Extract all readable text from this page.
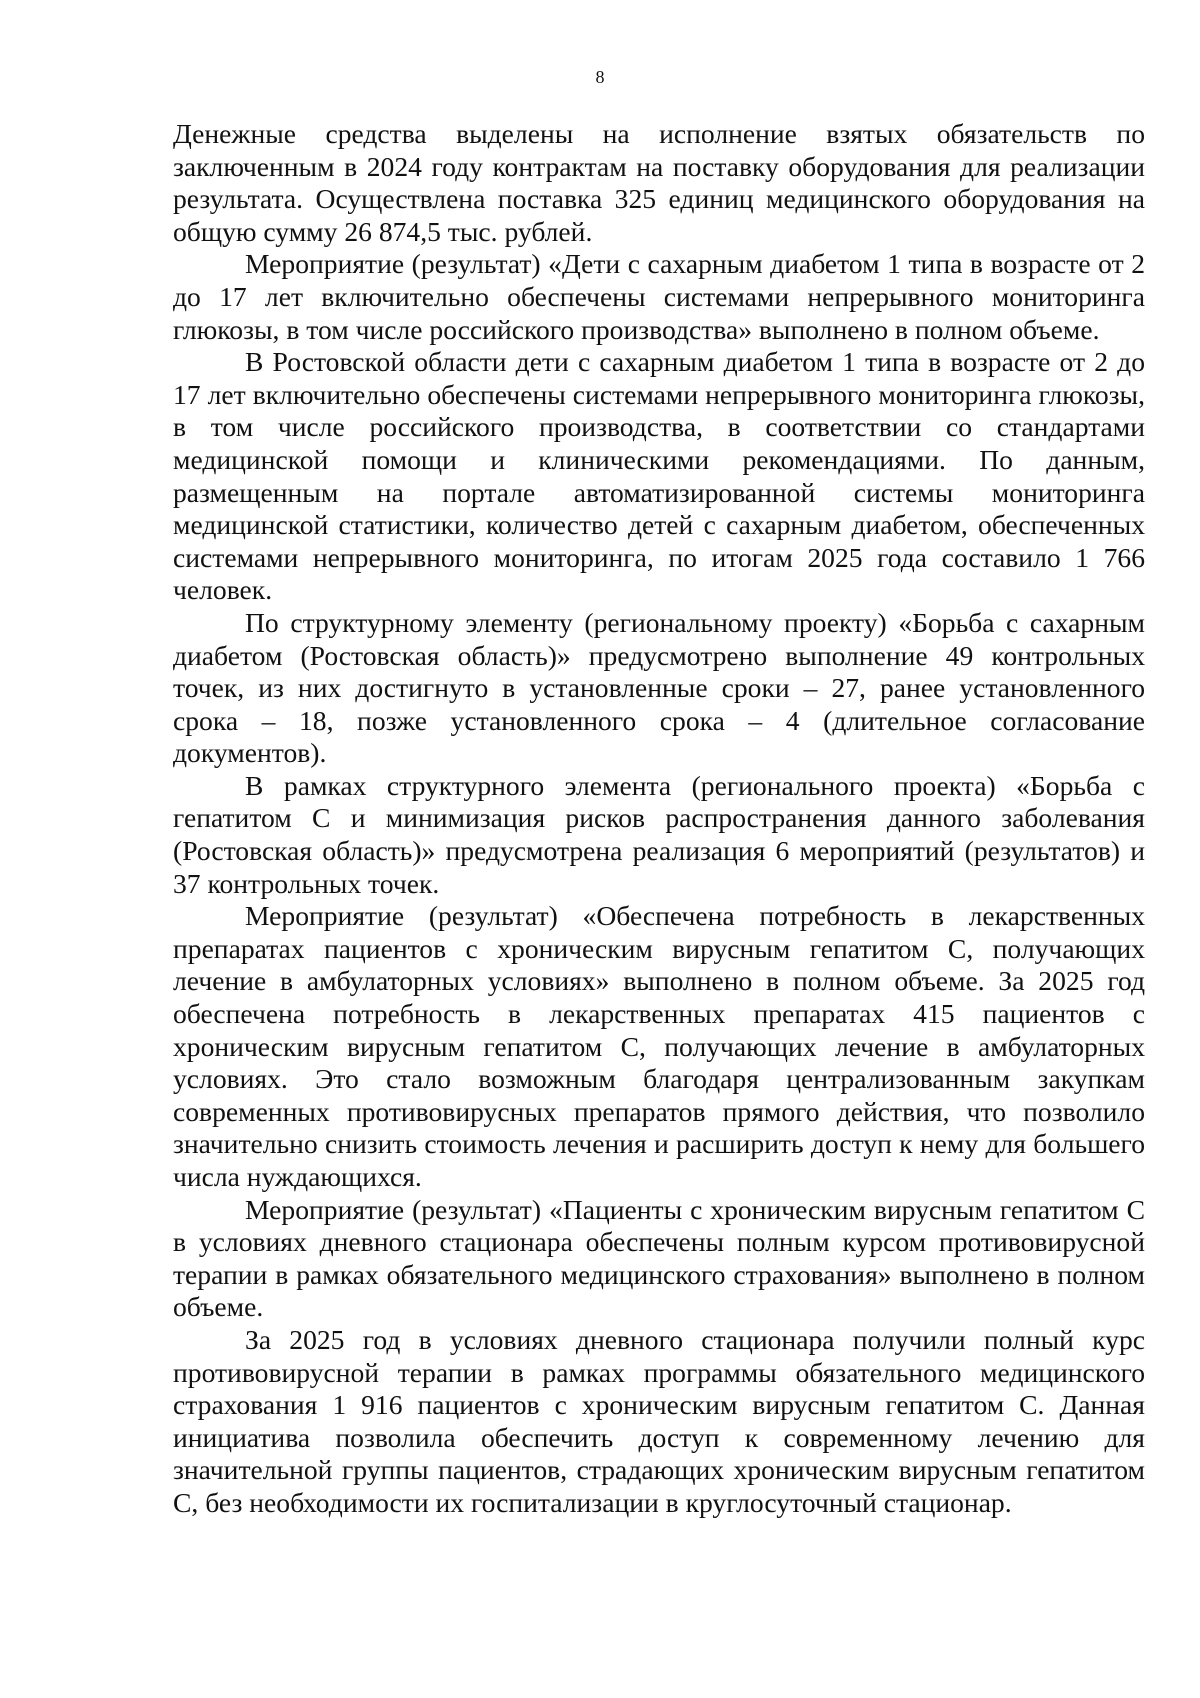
8

Денежные средства выделены на исполнение взятых обязательств по заключенным в 2024 году контрактам на поставку оборудования для реализации результата. Осуществлена поставка 325 единиц медицинского оборудования на общую сумму 26 874,5 тыс. рублей.

Мероприятие (результат) «Дети с сахарным диабетом 1 типа в возрасте от 2 до 17 лет включительно обеспечены системами непрерывного мониторинга глюкозы, в том числе российского производства» выполнено в полном объеме.

В Ростовской области дети с сахарным диабетом 1 типа в возрасте от 2 до 17 лет включительно обеспечены системами непрерывного мониторинга глюкозы, в том числе российского производства, в соответствии со стандартами медицинской помощи и клиническими рекомендациями. По данным, размещенным на портале автоматизированной системы мониторинга медицинской статистики, количество детей с сахарным диабетом, обеспеченных системами непрерывного мониторинга, по итогам 2025 года составило 1 766 человек.

По структурному элементу (региональному проекту) «Борьба с сахарным диабетом (Ростовская область)» предусмотрено выполнение 49 контрольных точек, из них достигнуто в установленные сроки – 27, ранее установленного срока – 18, позже установленного срока – 4 (длительное согласование документов).

В рамках структурного элемента (регионального проекта) «Борьба с гепатитом С и минимизация рисков распространения данного заболевания (Ростовская область)» предусмотрена реализация 6 мероприятий (результатов) и 37 контрольных точек.

Мероприятие (результат) «Обеспечена потребность в лекарственных препаратах пациентов с хроническим вирусным гепатитом С, получающих лечение в амбулаторных условиях» выполнено в полном объеме. За 2025 год обеспечена потребность в лекарственных препаратах 415 пациентов с хроническим вирусным гепатитом С, получающих лечение в амбулаторных условиях. Это стало возможным благодаря централизованным закупкам современных противовирусных препаратов прямого действия, что позволило значительно снизить стоимость лечения и расширить доступ к нему для большего числа нуждающихся.

Мероприятие (результат) «Пациенты с хроническим вирусным гепатитом С в условиях дневного стационара обеспечены полным курсом противовирусной терапии в рамках обязательного медицинского страхования» выполнено в полном объеме.

За 2025 год в условиях дневного стационара получили полный курс противовирусной терапии в рамках программы обязательного медицинского страхования 1 916 пациентов с хроническим вирусным гепатитом С. Данная инициатива позволила обеспечить доступ к современному лечению для значительной группы пациентов, страдающих хроническим вирусным гепатитом С, без необходимости их госпитализации в круглосуточный стационар.
